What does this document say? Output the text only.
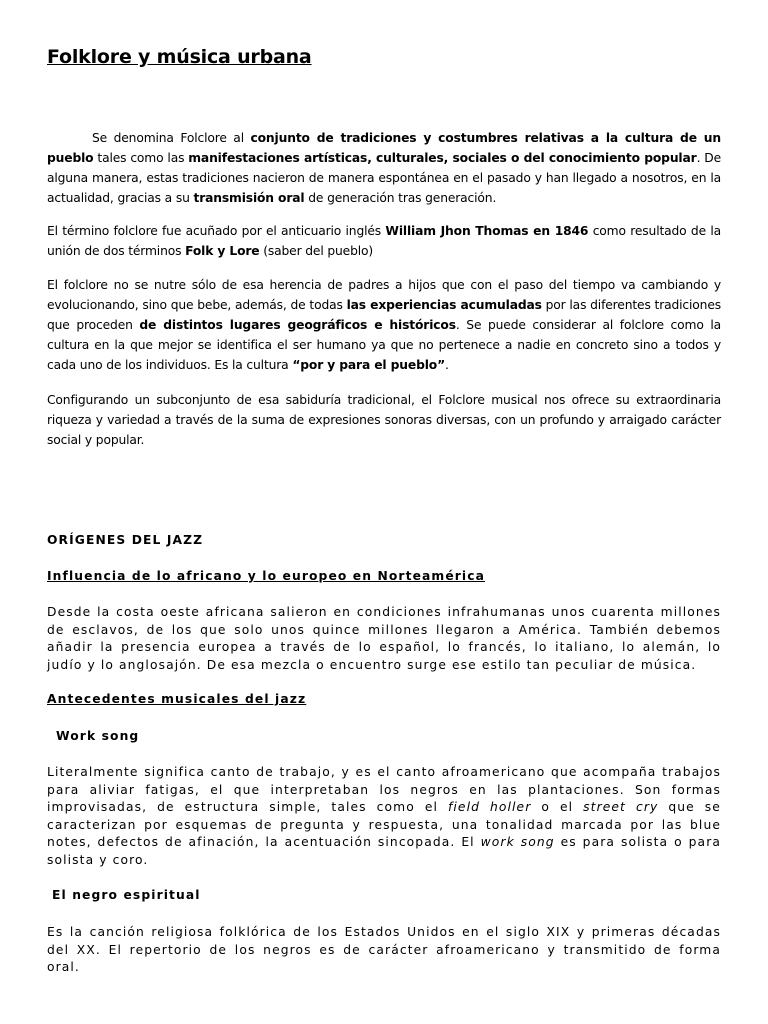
Folklore y música urbana

Se denomina Folclore al conjunto de tradiciones y costumbres relativas a la cultura de un pueblo tales como las manifestaciones artísticas, culturales, sociales o del conocimiento popular. De alguna manera, estas tradiciones nacieron de manera espontánea en el pasado y han llegado a nosotros, en la actualidad, gracias a su transmisión oral de generación tras generación.

El término folclore fue acuñado por el anticuario inglés William Jhon Thomas en 1846 como resultado de la unión de dos términos Folk y Lore (saber del pueblo)

El folclore no se nutre sólo de esa herencia de padres a hijos que con el paso del tiempo va cambiando y evolucionando, sino que bebe, además, de todas las experiencias acumuladas por las diferentes tradiciones que proceden de distintos lugares geográficos e históricos. Se puede considerar al folclore como la cultura en la que mejor se identifica el ser humano ya que no pertenece a nadie en concreto sino a todos y cada uno de los individuos. Es la cultura “por y para el pueblo”.

Configurando un subconjunto de esa sabiduría tradicional, el Folclore musical nos ofrece su extraordinaria riqueza y variedad a través de la suma de expresiones sonoras diversas, con un profundo y arraigado carácter social y popular.

ORÍGENES DEL JAZZ
Influencia de lo africano y lo europeo en Norteamérica

Desde la costa oeste africana salieron en condiciones infrahumanas unos cuarenta millones de esclavos, de los que solo unos quince millones llegaron a América. También debemos añadir la presencia europea a través de lo español, lo francés, lo italiano, lo alemán, lo judío y lo anglosajón. De esa mezcla o encuentro surge ese estilo tan peculiar de música.

Antecedentes musicales del jazz
Work song

Literalmente significa canto de trabajo, y es el canto afroamericano que acompaña trabajos para aliviar fatigas, el que interpretaban los negros en las plantaciones. Son formas improvisadas, de estructura simple, tales como el field holler o el street cry que se caracterizan por esquemas de pregunta y respuesta, una tonalidad marcada por las blue notes, defectos de afinación, la acentuación sincopada. El work song es para solista o para solista y coro.

El negro espiritual

Es la canción religiosa folklórica de los Estados Unidos en el siglo XIX y primeras décadas del XX. El repertorio de los negros es de carácter afroamericano y transmitido de forma oral.
